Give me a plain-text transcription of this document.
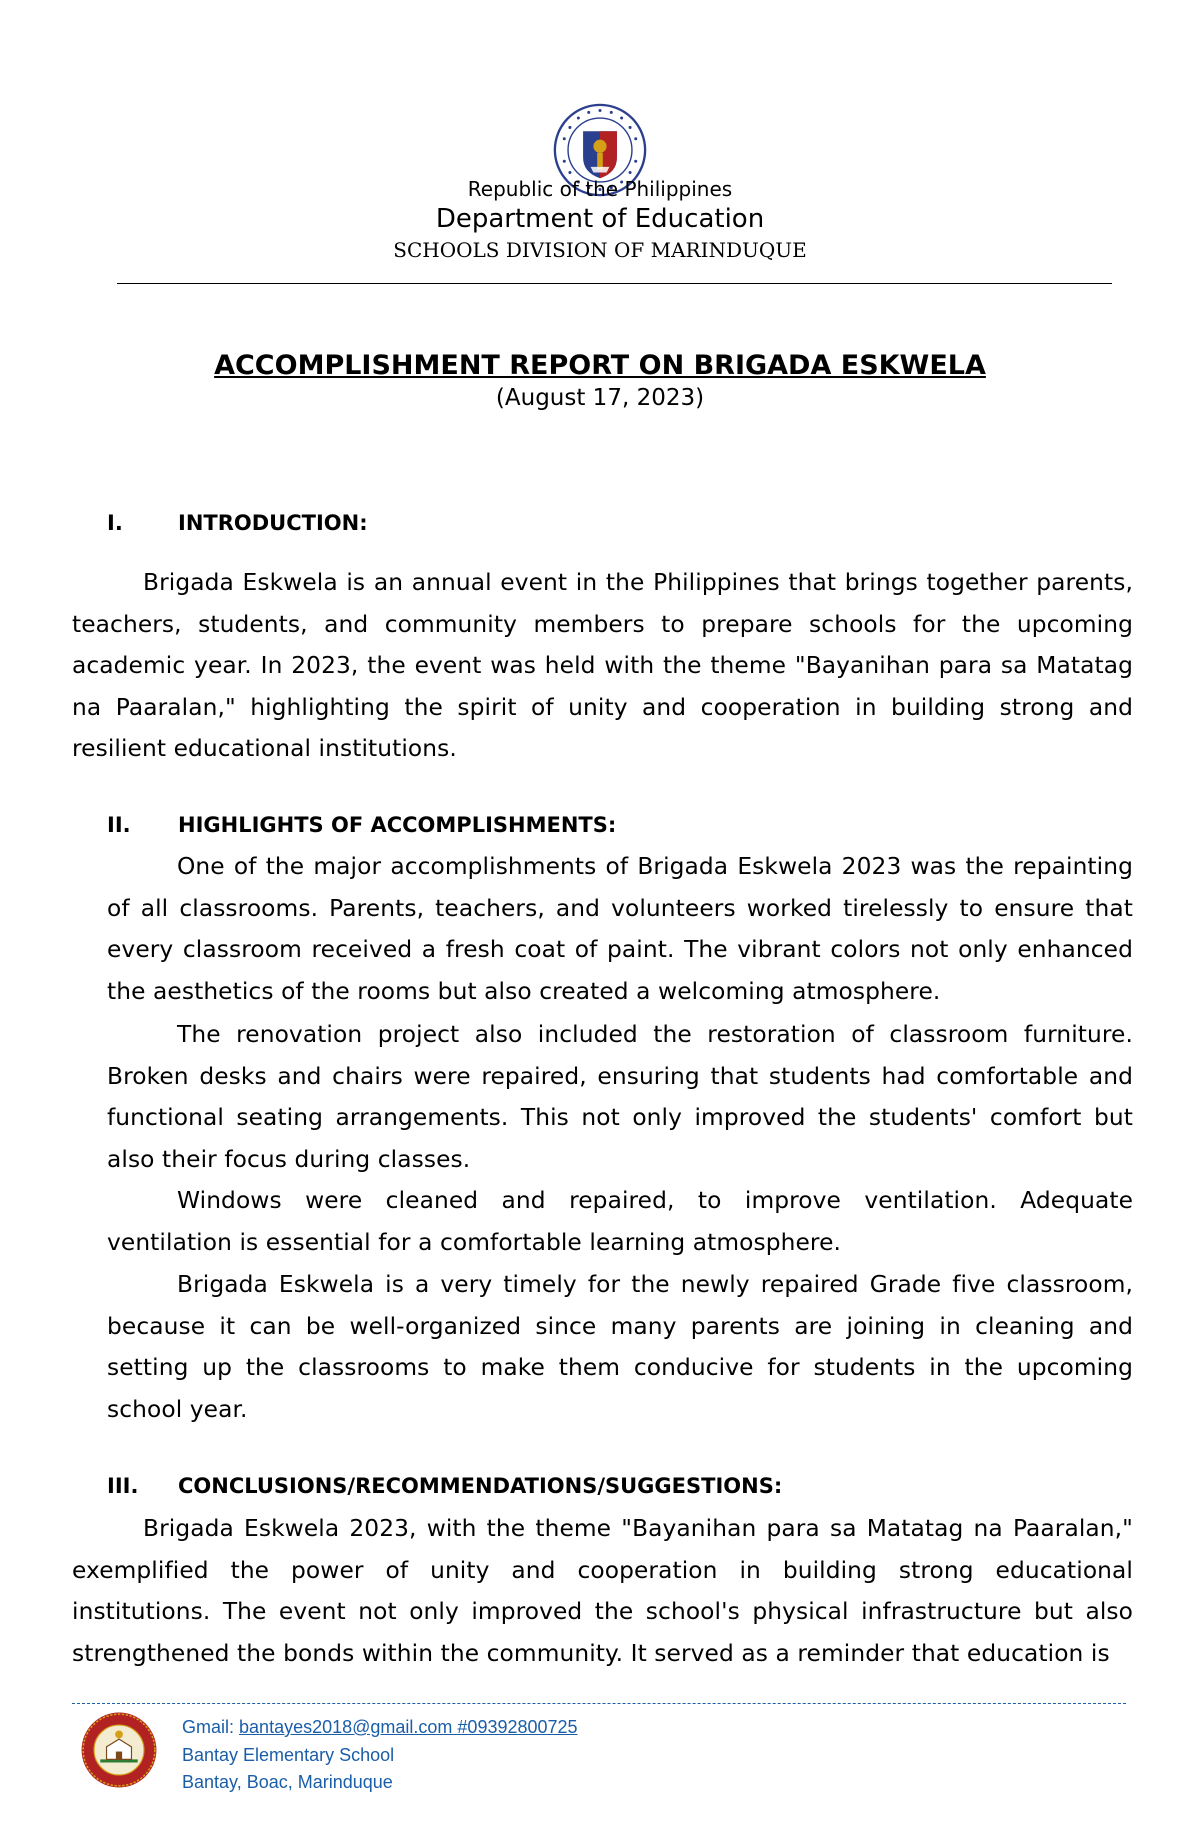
Republic of the Philippines

Department of Education

SCHOOLS DIVISION OF MARINDUQUE

ACCOMPLISHMENT REPORT ON BRIGADA ESKWELA

(August 17, 2023)

I.	INTRODUCTION:

Brigada Eskwela is an annual event in the Philippines that brings together parents, teachers, students, and community members to prepare schools for the upcoming academic year. In 2023, the event was held with the theme "Bayanihan para sa Matatag na Paaralan," highlighting the spirit of unity and cooperation in building strong and resilient educational institutions.

II. HIGHLIGHTS OF ACCOMPLISHMENTS:

One of the major accomplishments of Brigada Eskwela 2023 was the repainting of all classrooms. Parents, teachers, and volunteers worked tirelessly to ensure that every classroom received a fresh coat of paint. The vibrant colors not only enhanced the aesthetics of the rooms but also created a welcoming atmosphere.

The renovation project also included the restoration of classroom furniture. Broken desks and chairs were repaired, ensuring that students had comfortable and functional seating arrangements. This not only improved the students' comfort but also their focus during classes.

Windows were cleaned and repaired, to improve ventilation. Adequate ventilation is essential for a comfortable learning atmosphere.

Brigada Eskwela is a very timely for the newly repaired Grade five classroom, because it can be well-organized since many parents are joining in cleaning and setting up the classrooms to make them conducive for students in the upcoming school year.

III. CONCLUSIONS/RECOMMENDATIONS/SUGGESTIONS:

Brigada Eskwela 2023, with the theme "Bayanihan para sa Matatag na Paaralan," exemplified the power of unity and cooperation in building strong educational institutions. The event not only improved the school's physical infrastructure but also strengthened the bonds within the community. It served as a reminder that education is

Gmail: bantayes2018@gmail.com #09392800725

Bantay Elementary School

Bantay, Boac, Marinduque
